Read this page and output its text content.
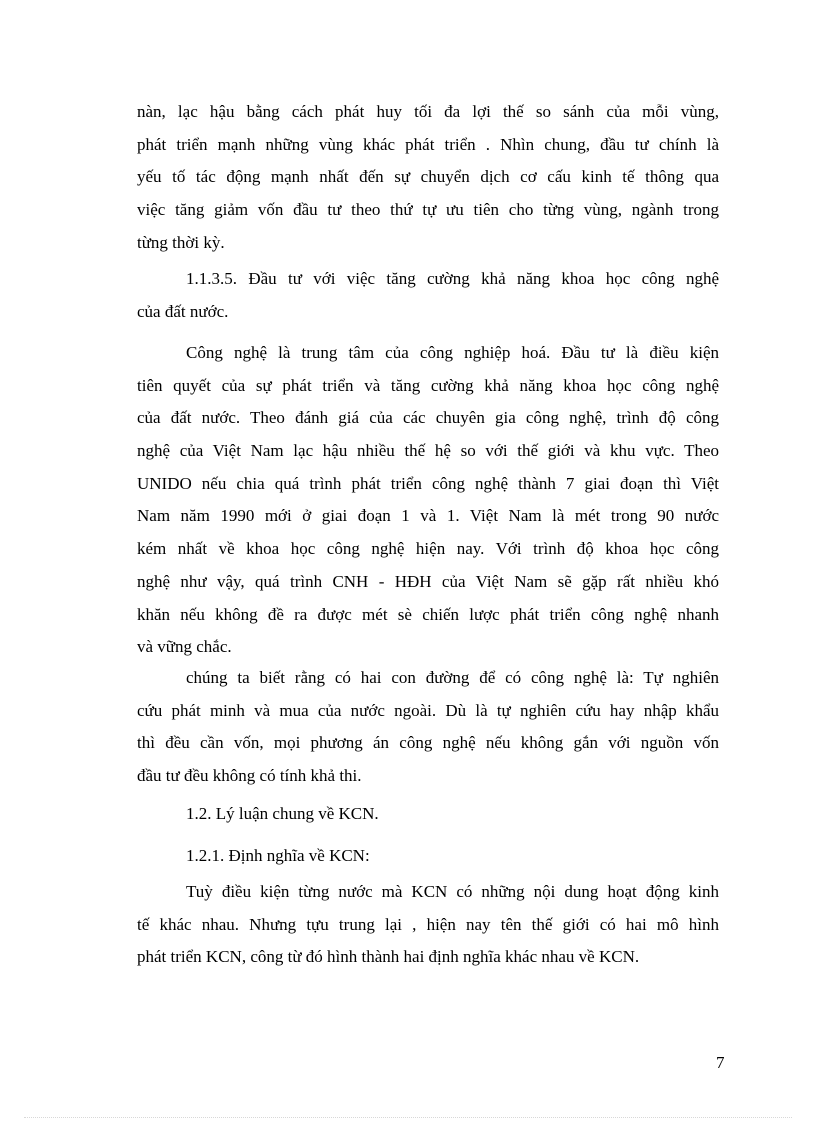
nàn, lạc hậu bằng cách phát huy tối đa lợi thế so sánh của mỗi vùng,
phát triển mạnh những vùng khác phát triển . Nhìn chung, đầu tư chính là
yếu tố tác động mạnh nhất đến sự chuyển dịch cơ cấu kinh tế thông qua
việc tăng giảm vốn đầu tư theo thứ tự ưu tiên cho từng vùng, ngành trong
từng thời kỳ.
1.1.3.5. Đầu tư với việc tăng cường khả năng khoa học công nghệ
của đất nước.
Công nghệ là trung tâm của công nghiệp hoá. Đầu tư là điều kiện
tiên quyết của sự phát triển và tăng cường khả năng khoa học công nghệ
của đất nước. Theo đánh giá của các chuyên gia công nghệ, trình độ công
nghệ của Việt Nam lạc hậu nhiều thế hệ so với thế giới và khu vực. Theo
UNIDO nếu chia quá trình phát triển công nghệ thành 7 giai đoạn thì Việt
Nam năm 1990 mới ở giai đoạn 1 và 1. Việt Nam là mét trong 90 nước
kém nhất về khoa học công nghệ hiện nay. Với trình độ khoa học công
nghệ như vậy, quá trình CNH - HĐH của Việt Nam sẽ gặp rất nhiều khó
khăn nếu không đề ra được mét sè chiến lược phát triển công nghệ nhanh
và vững chắc.
chúng ta biết rằng có hai con đường để có công nghệ là: Tự nghiên
cứu phát minh và mua của nước ngoài. Dù là tự nghiên cứu hay nhập khẩu
thì đều cần vốn, mọi phương án công nghệ nếu không gắn với nguồn vốn
đầu tư đều không có tính khả thi.
1.2. Lý luận chung về KCN.
1.2.1. Định nghĩa về KCN:
Tuỳ điều kiện từng nước mà KCN có những nội dung hoạt động kinh
tế khác nhau. Nhưng tựu trung lại , hiện nay tên thế giới có hai mô hình
phát triển KCN, công từ đó hình thành hai định nghĩa khác nhau về KCN.
7
